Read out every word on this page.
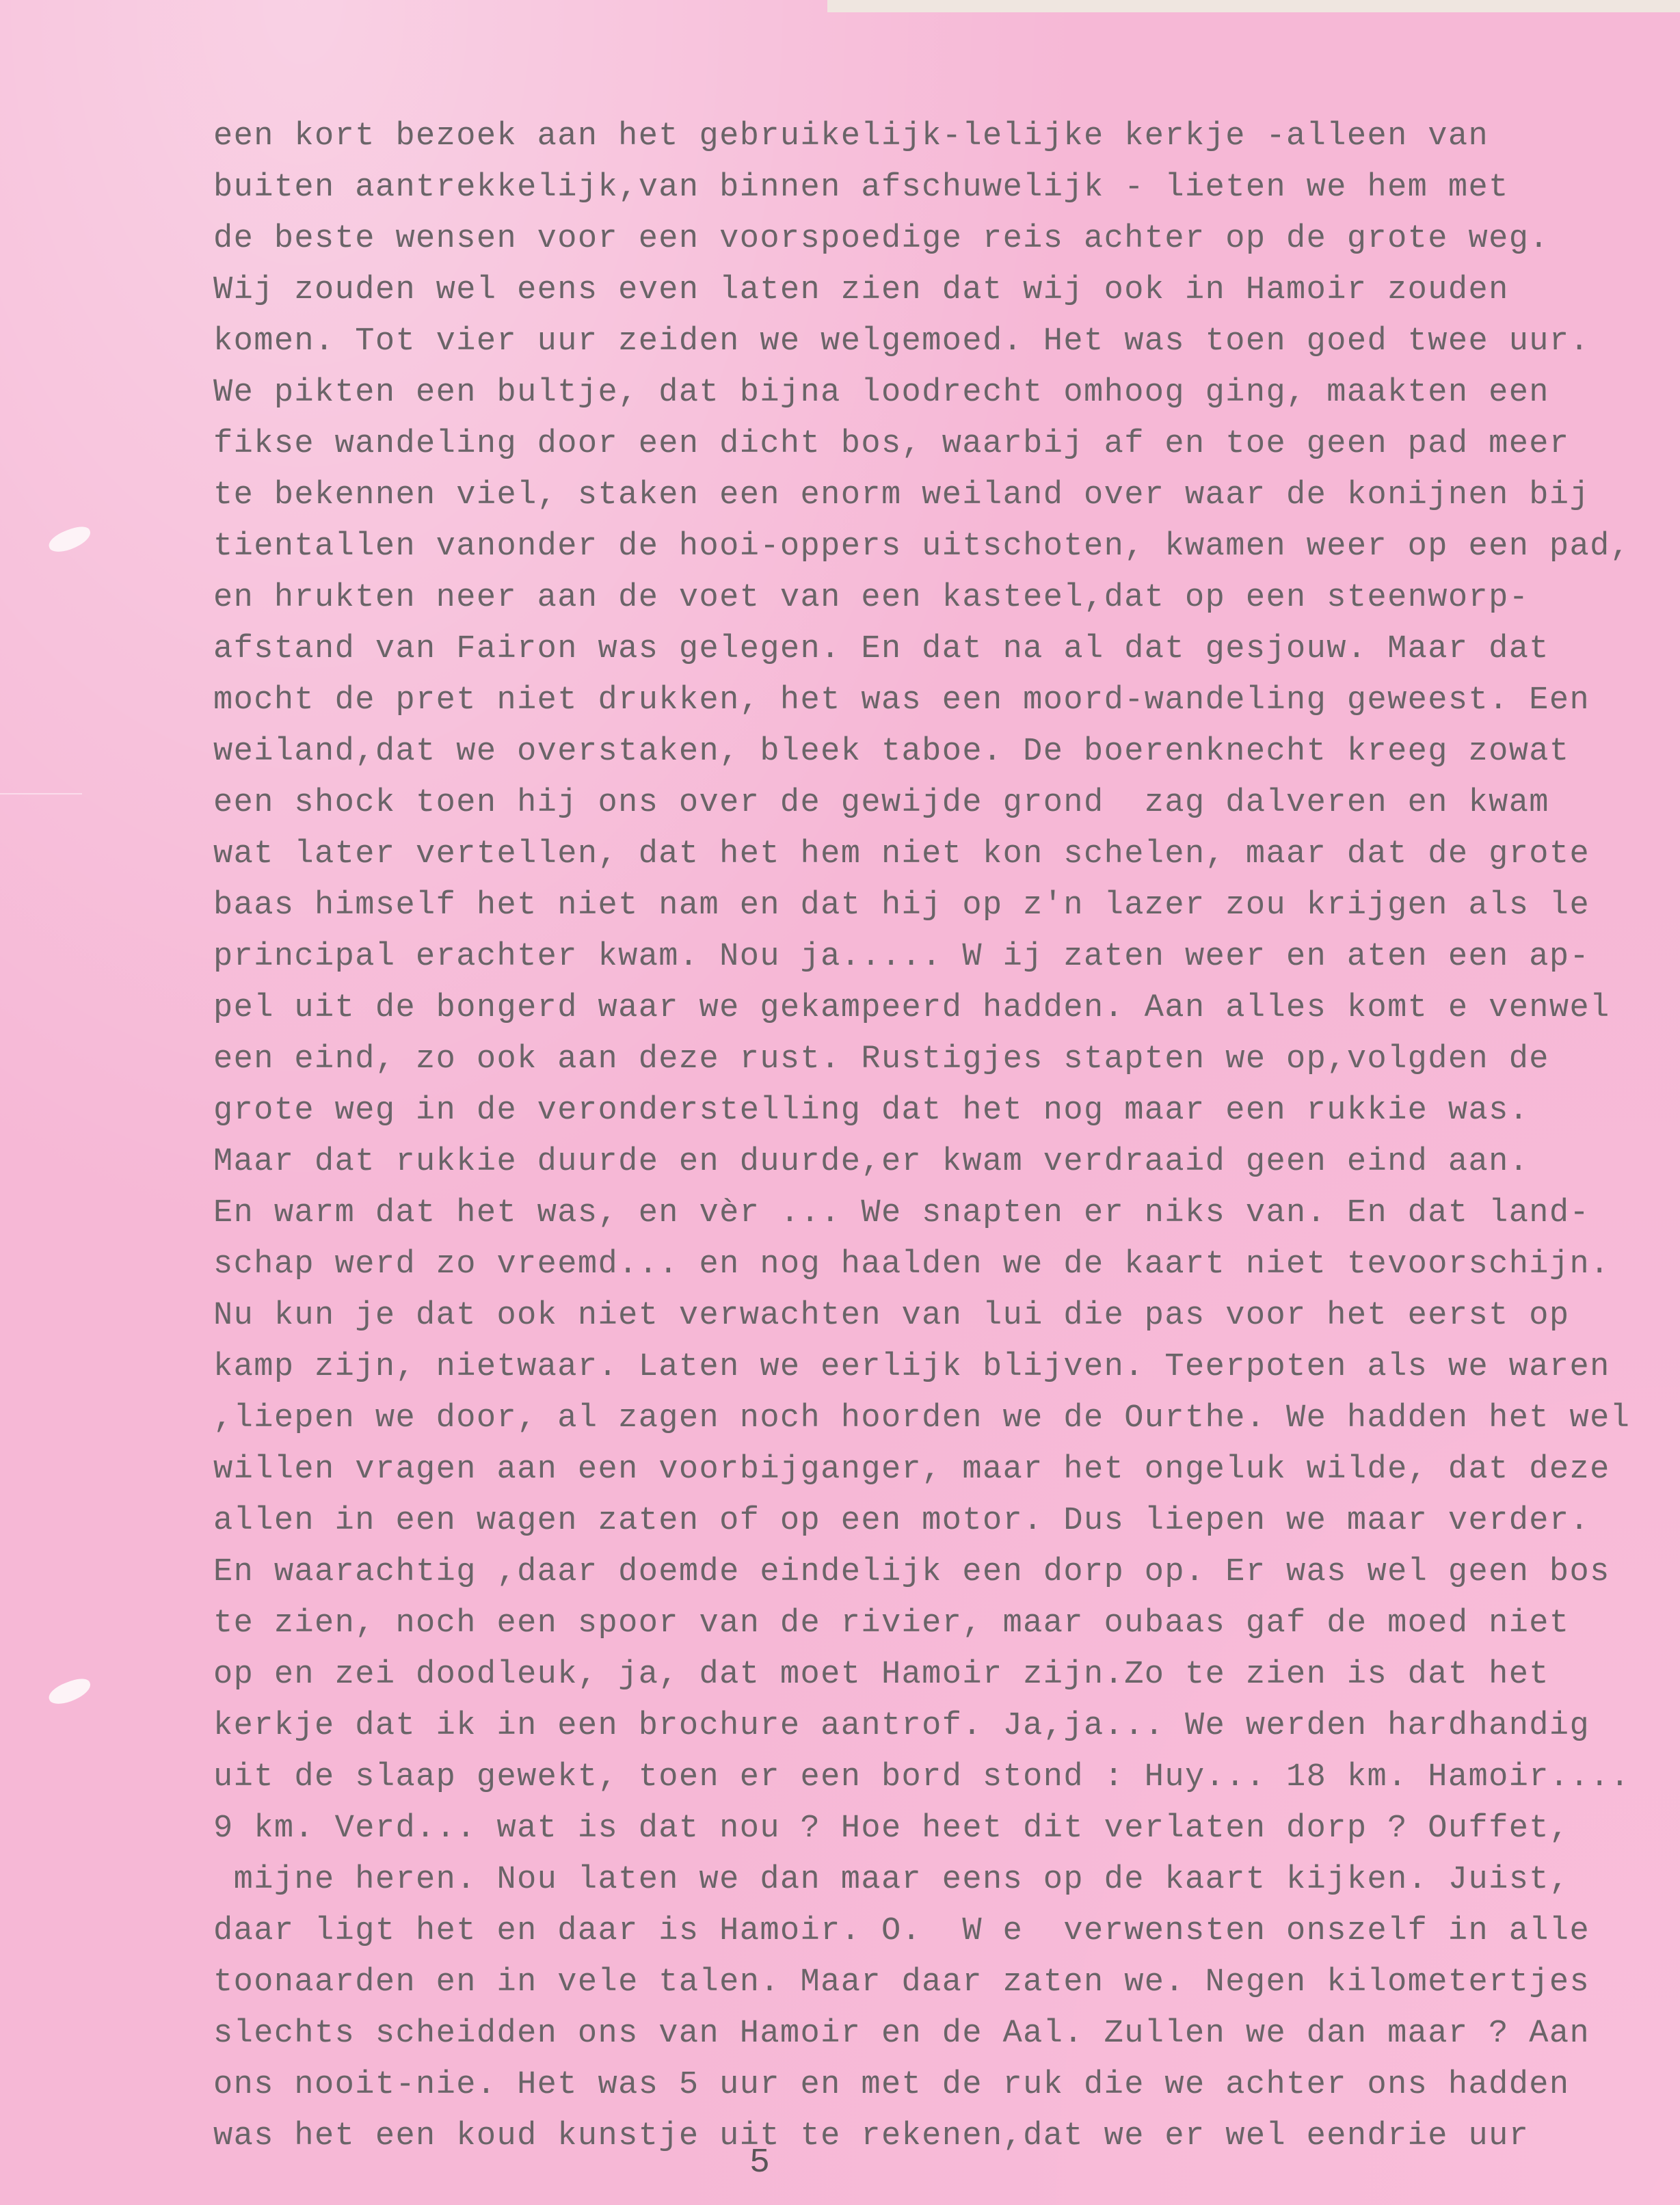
een kort bezoek aan het gebruikelijk-lelijke kerkje -alleen van
buiten aantrekkelijk,van binnen afschuwelijk - lieten we hem met
de beste wensen voor een voorspoedige reis achter op de grote weg.
Wij zouden wel eens even laten zien dat wij ook in Hamoir zouden
komen. Tot vier uur zeiden we welgemoed. Het was toen goed twee uur.
We pikten een bultje, dat bijna loodrecht omhoog ging, maakten een
fikse wandeling door een dicht bos, waarbij af en toe geen pad meer
te bekennen viel, staken een enorm weiland over waar de konijnen bij
tientallen vanonder de hooi-oppers uitschoten, kwamen weer op een pad,
en hrukten neer aan de voet van een kasteel,dat op een steenworp-
afstand van Fairon was gelegen. En dat na al dat gesjouw. Maar dat
mocht de pret niet drukken, het was een moord-wandeling geweest. Een
weiland,dat we overstaken, bleek taboe. De boerenknecht kreeg zowat
een shock toen hij ons over de gewijde grond  zag dalveren en kwam
wat later vertellen, dat het hem niet kon schelen, maar dat de grote
baas himself het niet nam en dat hij op z'n lazer zou krijgen als le
principal erachter kwam. Nou ja..... W ij zaten weer en aten een ap-
pel uit de bongerd waar we gekampeerd hadden. Aan alles komt e venwel
een eind, zo ook aan deze rust. Rustigjes stapten we op,volgden de
grote weg in de veronderstelling dat het nog maar een rukkie was.
Maar dat rukkie duurde en duurde,er kwam verdraaid geen eind aan.
En warm dat het was, en vèr ... We snapten er niks van. En dat land-
schap werd zo vreemd... en nog haalden we de kaart niet tevoorschijn.
Nu kun je dat ook niet verwachten van lui die pas voor het eerst op
kamp zijn, nietwaar. Laten we eerlijk blijven. Teerpoten als we waren
,liepen we door, al zagen noch hoorden we de Ourthe. We hadden het wel
willen vragen aan een voorbijganger, maar het ongeluk wilde, dat deze
allen in een wagen zaten of op een motor. Dus liepen we maar verder.
En waarachtig ,daar doemde eindelijk een dorp op. Er was wel geen bos
te zien, noch een spoor van de rivier, maar oubaas gaf de moed niet
op en zei doodleuk, ja, dat moet Hamoir zijn.Zo te zien is dat het
kerkje dat ik in een brochure aantrof. Ja,ja... We werden hardhandig
uit de slaap gewekt, toen er een bord stond : Huy... 18 km. Hamoir....
9 km. Verd... wat is dat nou ? Hoe heet dit verlaten dorp ? Ouffet,
mijne heren. Nou laten we dan maar eens op de kaart kijken. Juist,
daar ligt het en daar is Hamoir. O.  W e  verwensten onszelf in alle
toonaarden en in vele talen. Maar daar zaten we. Negen kilometertjes
slechts scheidden ons van Hamoir en de Aal. Zullen we dan maar ? Aan
ons nooit-nie. Het was 5 uur en met de ruk die we achter ons hadden
was het een koud kunstje uit te rekenen,dat we er wel eendrie uur
5
